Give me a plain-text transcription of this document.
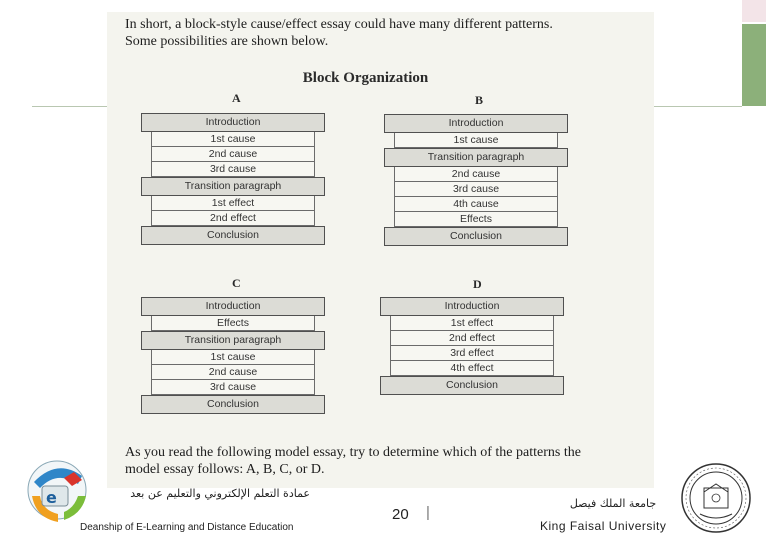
In short, a block-style cause/effect essay could have many different patterns.
Some possibilities are shown below.
Block Organization
A
Introduction
1st cause
2nd cause
3rd cause
Transition paragraph
1st effect
2nd effect
Conclusion
B
Introduction
1st cause
Transition paragraph
2nd cause
3rd cause
4th cause
Effects
Conclusion
C
Introduction
Effects
Transition paragraph
1st cause
2nd cause
3rd cause
Conclusion
D
Introduction
1st effect
2nd effect
3rd effect
4th effect
Conclusion
As you read the following model essay, try to determine which of the patterns the
model essay follows: A, B, C, or D.
e	عمادة التعلم الإلكتروني والتعليم عن بعد
Deanship of E-Learning and Distance Education
20 |
جامعة الملك فيصل
King Faisal University
